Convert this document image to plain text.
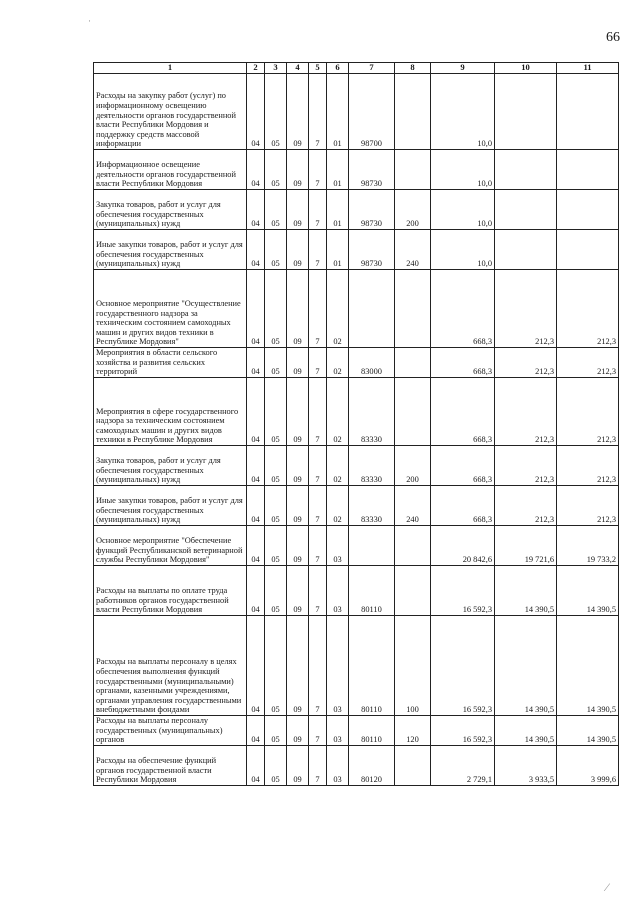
66
1	2	3	4	5	6	7	8	9	10	11
Расходы на закупку работ (услуг) по информационному освещению деятельности органов государственной власти Республики Мордовия и поддержку средств массовой информации	04	05	09	7	01	98700		10,0		
Информационное освещение деятельности органов государственной власти Республики Мордовия	04	05	09	7	01	98730		10,0		
Закупка товаров, работ и услуг для обеспечения государственных (муниципальных) нужд	04	05	09	7	01	98730	200	10,0		
Иные закупки товаров, работ и услуг для обеспечения государственных (муниципальных) нужд	04	05	09	7	01	98730	240	10,0		
Основное мероприятие "Осуществление государственного надзора за техническим состоянием самоходных машин и других видов техники в Республике Мордовия"	04	05	09	7	02			668,3	212,3	212,3
Мероприятия в области сельского хозяйства и развития сельских территорий	04	05	09	7	02	83000		668,3	212,3	212,3
Мероприятия в сфере государственного надзора за техническим состоянием самоходных машин и других видов техники в Республике Мордовия	04	05	09	7	02	83330		668,3	212,3	212,3
Закупка товаров, работ и услуг для обеспечения государственных (муниципальных) нужд	04	05	09	7	02	83330	200	668,3	212,3	212,3
Иные закупки товаров, работ и услуг для обеспечения государственных (муниципальных) нужд	04	05	09	7	02	83330	240	668,3	212,3	212,3
Основное мероприятие "Обеспечение функций Республиканской ветеринарной службы Республики Мордовия"	04	05	09	7	03			20 842,6	19 721,6	19 733,2
Расходы на выплаты по оплате труда работников органов государственной власти Республики Мордовия	04	05	09	7	03	80110		16 592,3	14 390,5	14 390,5
Расходы на выплаты персоналу в целях обеспечения выполнения функций государственными (муниципальными) органами, казенными учреждениями, органами управления государственными внебюджетными фондами	04	05	09	7	03	80110	100	16 592,3	14 390,5	14 390,5
Расходы на выплаты персоналу государственных (муниципальных) органов	04	05	09	7	03	80110	120	16 592,3	14 390,5	14 390,5
Расходы на обеспечение функций органов государственной власти Республики Мордовия	04	05	09	7	03	80120		2 729,1	3 933,5	3 999,6
·
⁄
